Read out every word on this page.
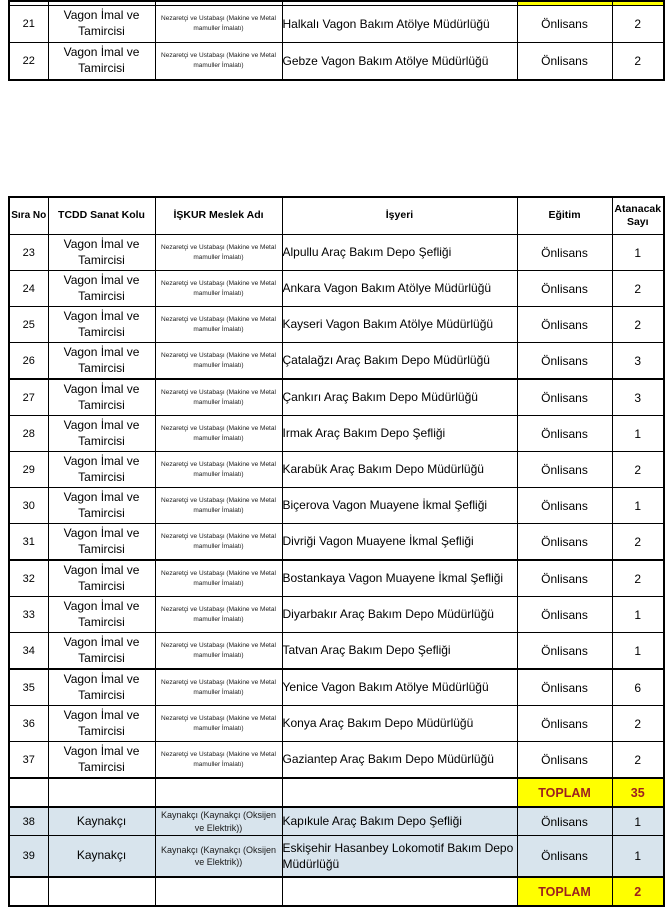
21	Vagon İmal ve Tamircisi	Nezaretçi ve Ustabaşı (Makine ve Metal mamuller İmalatı)	Halkalı Vagon Bakım Atölye Müdürlüğü	Önlisans	2
22	Vagon İmal ve Tamircisi	Nezaretçi ve Ustabaşı (Makine ve Metal mamuller İmalatı)	Gebze Vagon Bakım Atölye Müdürlüğü	Önlisans	2
Sıra No	TCDD Sanat Kolu	İŞKUR Meslek Adı	İşyeri	Eğitim	Atanacak Sayı
23	Vagon İmal ve Tamircisi	Nezaretçi ve Ustabaşı (Makine ve Metal mamuller İmalatı)	Alpullu Araç Bakım Depo Şefliği	Önlisans	1
24	Vagon İmal ve Tamircisi	Nezaretçi ve Ustabaşı (Makine ve Metal mamuller İmalatı)	Ankara Vagon Bakım Atölye Müdürlüğü	Önlisans	2
25	Vagon İmal ve Tamircisi	Nezaretçi ve Ustabaşı (Makine ve Metal mamuller İmalatı)	Kayseri Vagon Bakım Atölye Müdürlüğü	Önlisans	2
26	Vagon İmal ve Tamircisi	Nezaretçi ve Ustabaşı (Makine ve Metal mamuller İmalatı)	Çatalağzı Araç Bakım Depo Müdürlüğü	Önlisans	3
27	Vagon İmal ve Tamircisi	Nezaretçi ve Ustabaşı (Makine ve Metal mamuller İmalatı)	Çankırı Araç Bakım Depo Müdürlüğü	Önlisans	3
28	Vagon İmal ve Tamircisi	Nezaretçi ve Ustabaşı (Makine ve Metal mamuller İmalatı)	Irmak Araç Bakım Depo Şefliği	Önlisans	1
29	Vagon İmal ve Tamircisi	Nezaretçi ve Ustabaşı (Makine ve Metal mamuller İmalatı)	Karabük Araç Bakım Depo Müdürlüğü	Önlisans	2
30	Vagon İmal ve Tamircisi	Nezaretçi ve Ustabaşı (Makine ve Metal mamuller İmalatı)	Biçerova Vagon Muayene İkmal Şefliği	Önlisans	1
31	Vagon İmal ve Tamircisi	Nezaretçi ve Ustabaşı (Makine ve Metal mamuller İmalatı)	Divriği Vagon Muayene İkmal Şefliği	Önlisans	2
32	Vagon İmal ve Tamircisi	Nezaretçi ve Ustabaşı (Makine ve Metal mamuller İmalatı)	Bostankaya Vagon Muayene İkmal Şefliği	Önlisans	2
33	Vagon İmal ve Tamircisi	Nezaretçi ve Ustabaşı (Makine ve Metal mamuller İmalatı)	Diyarbakır Araç Bakım Depo Müdürlüğü	Önlisans	1
34	Vagon İmal ve Tamircisi	Nezaretçi ve Ustabaşı (Makine ve Metal mamuller İmalatı)	Tatvan Araç Bakım Depo Şefliği	Önlisans	1
35	Vagon İmal ve Tamircisi	Nezaretçi ve Ustabaşı (Makine ve Metal mamuller İmalatı)	Yenice Vagon Bakım Atölye Müdürlüğü	Önlisans	6
36	Vagon İmal ve Tamircisi	Nezaretçi ve Ustabaşı (Makine ve Metal mamuller İmalatı)	Konya Araç Bakım Depo Müdürlüğü	Önlisans	2
37	Vagon İmal ve Tamircisi	Nezaretçi ve Ustabaşı (Makine ve Metal mamuller İmalatı)	Gaziantep Araç Bakım Depo Müdürlüğü	Önlisans	2
				TOPLAM	35
38	Kaynakçı	Kaynakçı (Kaynakçı (Oksijen ve Elektrik))	Kapıkule Araç Bakım Depo Şefliği	Önlisans	1
39	Kaynakçı	Kaynakçı (Kaynakçı (Oksijen ve Elektrik))	Eskişehir Hasanbey Lokomotif Bakım Depo Müdürlüğü	Önlisans	1
				TOPLAM	2
